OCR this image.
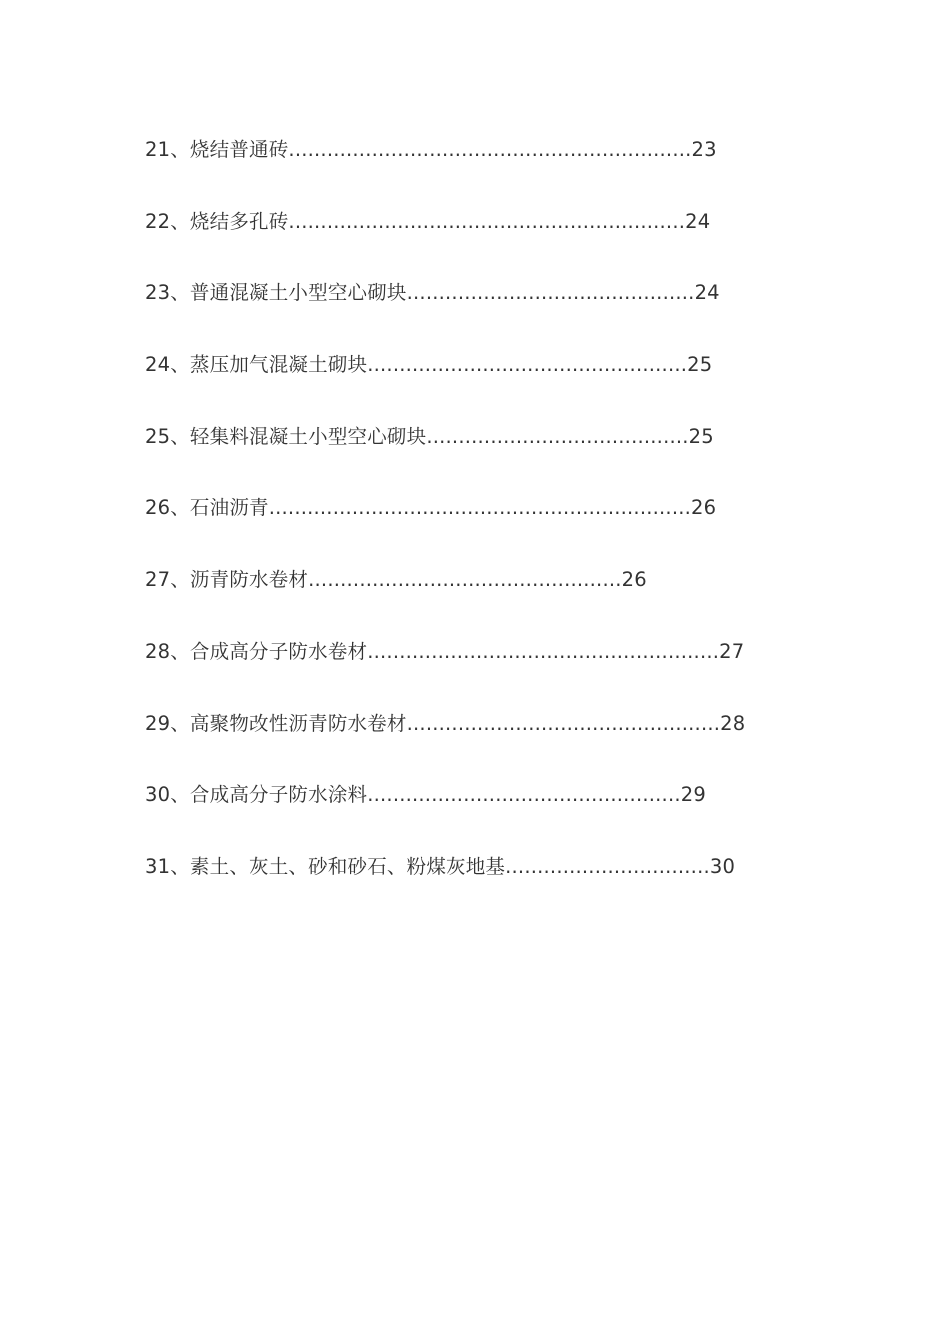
21、烧结普通砖...............................................................23
22、烧结多孔砖..............................................................24
23、普通混凝土小型空心砌块.............................................24
24、蒸压加气混凝土砌块..................................................25
25、轻集料混凝土小型空心砌块.........................................25
26、石油沥青..................................................................26
27、沥青防水卷材.................................................26
28、合成高分子防水卷材.......................................................27
29、高聚物改性沥青防水卷材.................................................28
30、合成高分子防水涂料.................................................29
31、素土、灰土、砂和砂石、粉煤灰地基................................30
